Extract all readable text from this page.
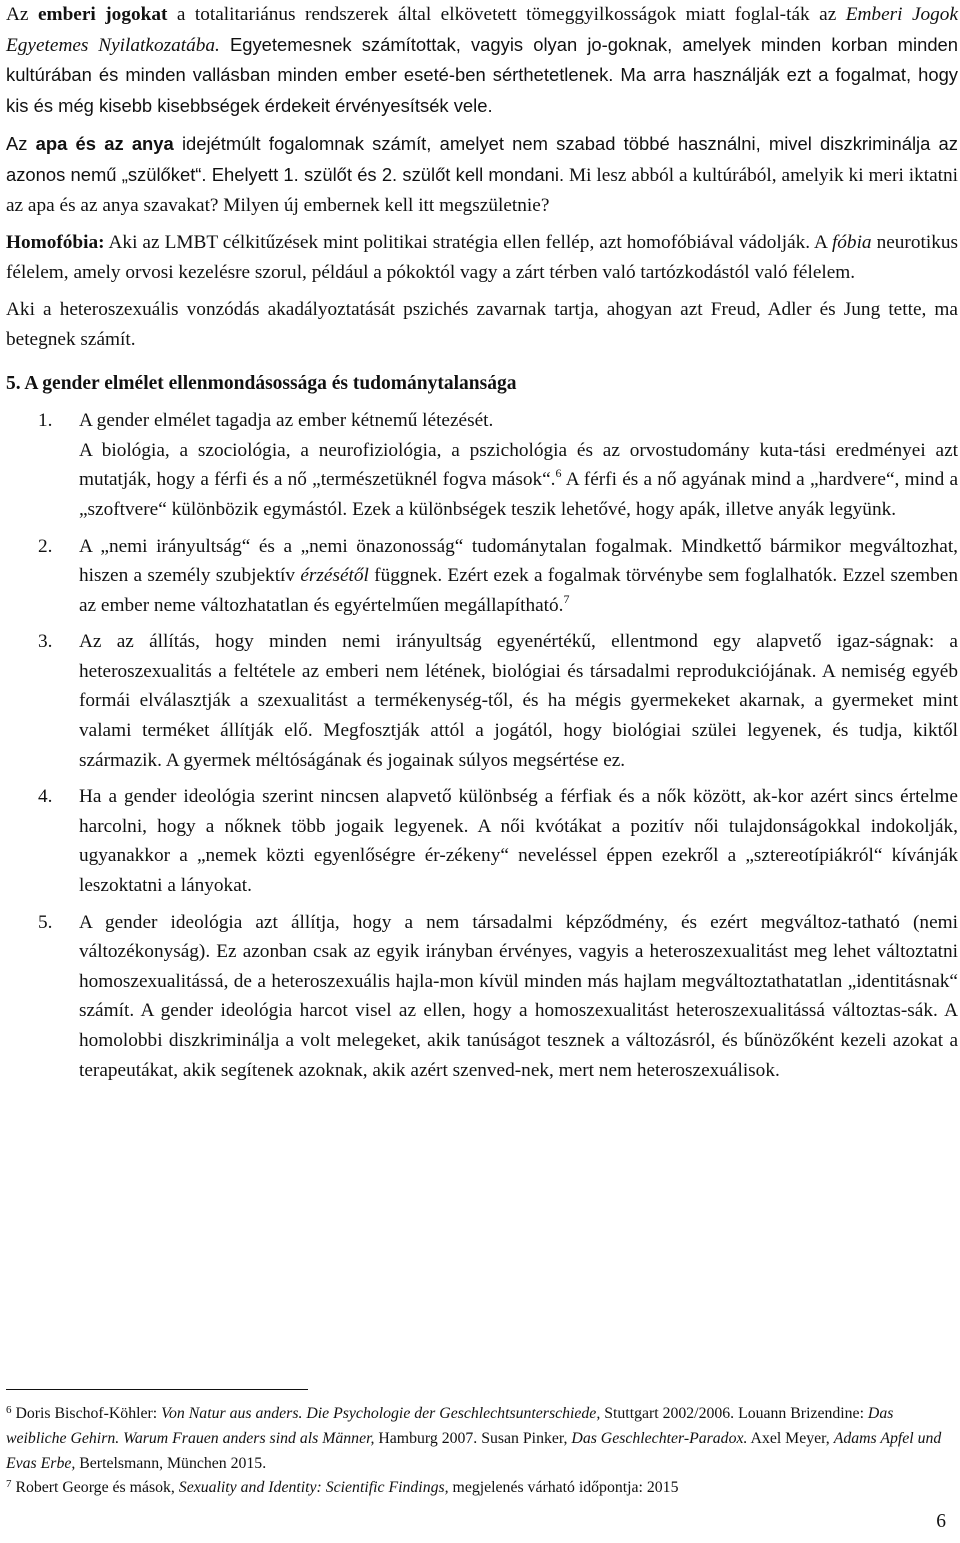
Az emberi jogokat a totalitariánus rendszerek által elkövetett tömeggyilkosságok miatt foglal-ták az Emberi Jogok Egyetemes Nyilatkozatába. Egyetemesnek számítottak, vagyis olyan jo-goknak, amelyek minden korban minden kultúrában és minden vallásban minden ember eseté-ben sérthetetlenek. Ma arra használják ezt a fogalmat, hogy kis és még kisebb kisebbségek érdekeit érvényesítsék vele.

Az apa és az anya idejétmúlt fogalomnak számít, amelyet nem szabad többé használni, mivel diszkriminálja az azonos nemű „szülőket“. Ehelyett 1. szülőt és 2. szülőt kell mondani. Mi lesz abból a kultúrából, amelyik ki meri iktatni az apa és az anya szavakat? Milyen új embernek kell itt megszületnie?

Homofóbia: Aki az LMBT célkitűzések mint politikai stratégia ellen fellép, azt homofóbiával vádolják. A fóbia neurotikus félelem, amely orvosi kezelésre szorul, például a pókoktól vagy a zárt térben való tartózkodástól való félelem.

Aki a heteroszexuális vonzódás akadályoztatását pszichés zavarnak tartja, ahogyan azt Freud, Adler és Jung tette, ma betegnek számít.

5. A gender elmélet ellenmondásossága és tudománytalansága
1. A gender elmélet tagadja az ember kétnemű létezését.
A biológia, a szociológia, a neurofiziológia, a pszichológia és az orvostudomány kuta-tási eredményei azt mutatják, hogy a férfi és a nő „természetüknél fogva mások“.$^6$ A férfi és a nő agyának mind a „hardvere“, mind a „szoftvere“ különbözik egymástól. Ezek a különbségek teszik lehetővé, hogy apák, illetve anyák legyünk.

2. A „nemi irányultság“ és a „nemi önazonosság“ tudománytalan fogalmak. Mindkettő bármikor megváltozhat, hiszen a személy szubjektív érzésétől függnek. Ezért ezek a fogalmak törvénybe sem foglalhatók. Ezzel szemben az ember neme változhatatlan és egyértelműen megállapítható.$^7$

3. Az az állítás, hogy minden nemi irányultság egyenértékű, ellentmond egy alapvető igaz-ságnak: a heteroszexualitás a feltétele az emberi nem létének, biológiai és társadalmi reprodukciójának. A nemiség egyéb formái elválasztják a szexualitást a termékenység-től, és ha mégis gyermekeket akarnak, a gyermeket mint valami terméket állítják elő. Megfosztják attól a jogától, hogy biológiai szülei legyenek, és tudja, kiktől származik. A gyermek méltóságának és jogainak súlyos megsértése ez.

4. Ha a gender ideológia szerint nincsen alapvető különbség a férfiak és a nők között, ak-kor azért sincs értelme harcolni, hogy a nőknek több jogaik legyenek. A női kvótákat a pozitív női tulajdonságokkal indokolják, ugyanakkor a „nemek közti egyenlőségre ér-zékeny“ neveléssel éppen ezekről a „sztereotípiákról“ kívánják leszoktatni a lányokat.

5. A gender ideológia azt állítja, hogy a nem társadalmi képződmény, és ezért megváltoz-tatható (nemi változékonyság). Ez azonban csak az egyik irányban érvényes, vagyis a heteroszexualitást meg lehet változtatni homoszexualitássá, de a heteroszexuális hajla-mon kívül minden más hajlam megváltoztathatatlan „identitásnak“ számít. A gender ideológia harcot visel az ellen, hogy a homoszexualitást heteroszexualitássá változtas-sák. A homolobbi diszkriminálja a volt melegeket, akik tanúságot tesznek a változásról, és bűnözőként kezeli azokat a terapeutákat, akik segítenek azoknak, akik azért szenved-nek, mert nem heteroszexuálisok.

$^6$ Doris Bischof-Köhler: Von Natur aus anders. Die Psychologie der Geschlechtsunterschiede, Stuttgart 2002/2006. Louann Brizendine: Das weibliche Gehirn. Warum Frauen anders sind als Männer, Hamburg 2007. Susan Pinker, Das Geschlechter-Paradox. Axel Meyer, Adams Apfel und Evas Erbe, Bertelsmann, München 2015.

$^7$ Robert George és mások, Sexuality and Identity: Scientific Findings, megjelenés várható időpontja: 2015

6
